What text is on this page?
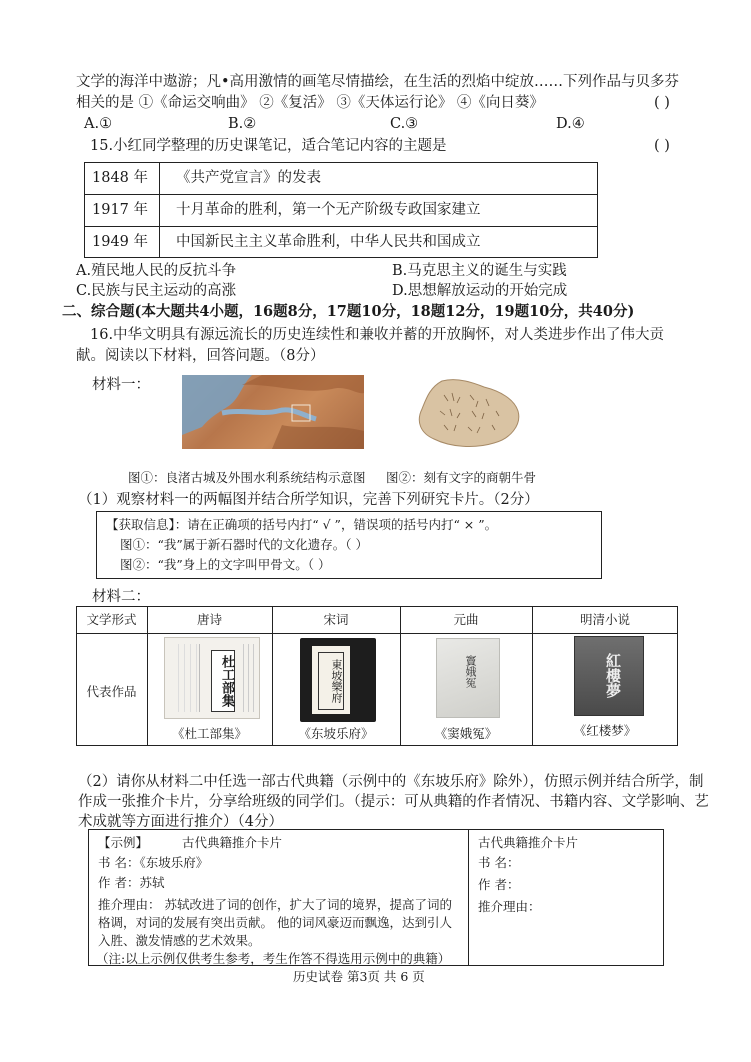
文学的海洋中遨游；凡•高用激情的画笔尽情描绘，在生活的烈焰中绽放……下列作品与贝多芬
相关的是 ①《命运交响曲》 ②《复活》 ③《天体运行论》 ④《向日葵》	( )
A.①	B.②	C.③	D.④
15.小红同学整理的历史课笔记，适合笔记内容的主题是	( )
1848 年 《共产党宣言》的发表
1917 年 十月革命的胜利，第一个无产阶级专政国家建立
1949 年 中国新民主主义革命胜利，中华人民共和国成立
A.殖民地人民的反抗斗争	B.马克思主义的诞生与实践
C.民族与民主运动的高涨	D.思想解放运动的开始完成
二、综合题(本大题共4小题，16题8分，17题10分，18题12分，19题10分，共40分)
16.中华文明具有源远流长的历史连续性和兼收并蓄的开放胸怀，对人类进步作出了伟大贡
献。阅读以下材料，回答问题。（8分）
材料一：
图①：良渚古城及外围水利系统结构示意图 图②：刻有文字的商朝牛骨
（1）观察材料一的两幅图并结合所学知识，完善下列研究卡片。（2分）
【获取信息】：请在正确项的括号内打“ √ ”，错误项的括号内打“ × ”。
图①：“我”属于新石器时代的文化遗存。（ ）
图②：“我”身上的文字叫甲骨文。（ ）
材料二：
文学形式	唐诗	宋词	元曲	明清小说
代表作品	杜工部集	東坡樂府	竇娥冤	紅樓夢
《杜工部集》	《东坡乐府》	《窦娥冤》	《红楼梦》
（2）请你从材料二中任选一部古代典籍（示例中的《东坡乐府》除外），仿照示例并结合所学，制
作成一张推介卡片，分享给班级的同学们。（提示：可从典籍的作者情况、书籍内容、文学影响、艺
术成就等方面进行推介）（4分）
【示例】	古代典籍推介卡片
书 名：《东坡乐府》
作 者：苏轼
推介理由： 苏轼改进了词的创作，扩大了词的境界，提高了词的
格调，对词的发展有突出贡献。 他的词风豪迈而飘逸，达到引人
入胜、激发情感的艺术效果。
（注:以上示例仅供考生参考，考生作答不得选用示例中的典籍）
古代典籍推介卡片
书 名：
作 者：
推介理由：
历史试卷 第3页 共 6 页
